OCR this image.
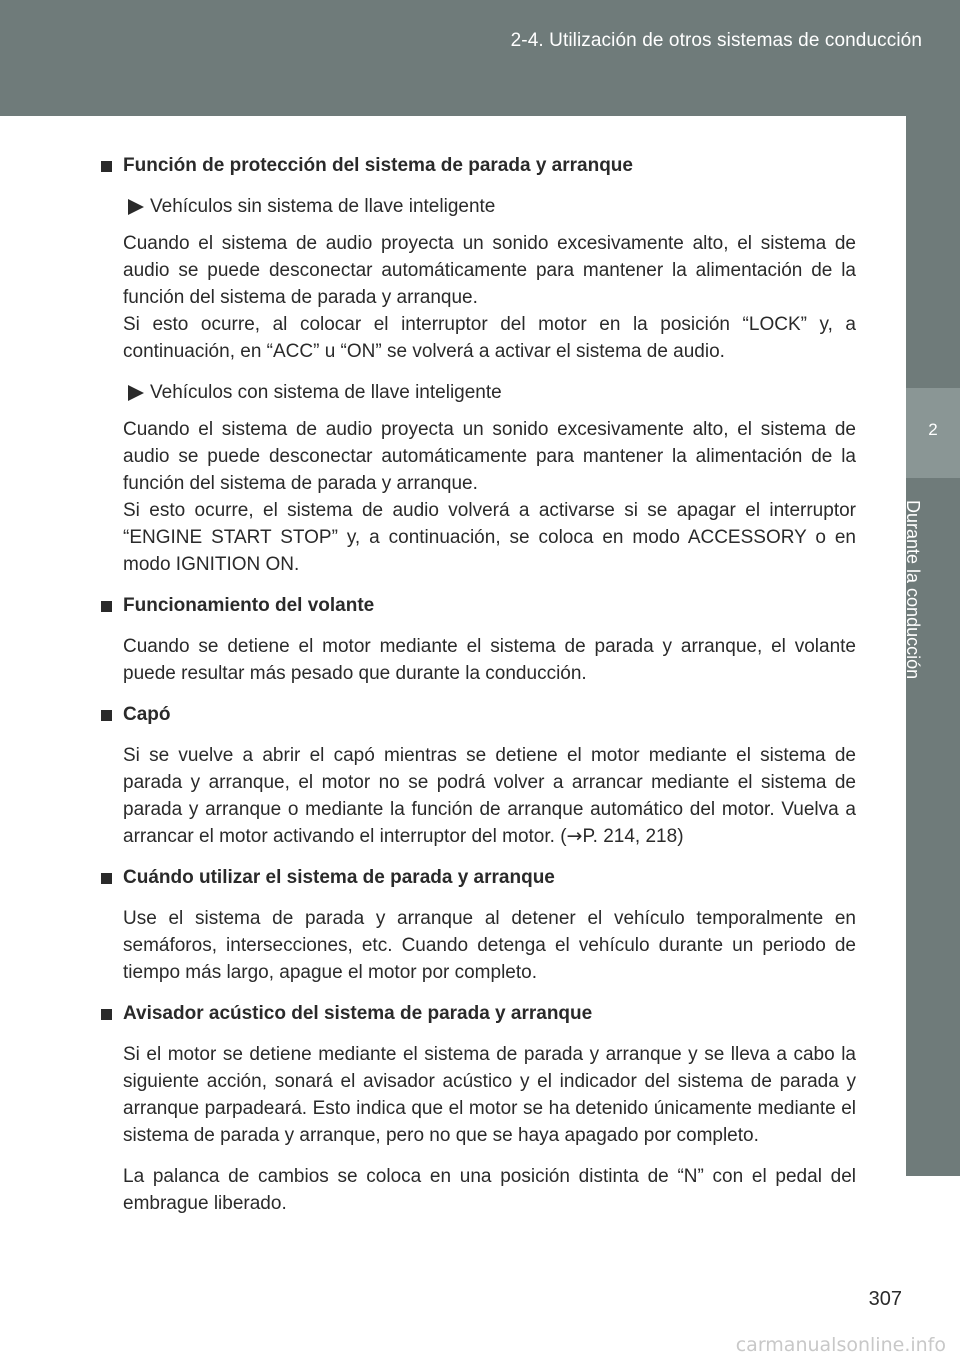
2-4. Utilización de otros sistemas de conducción
2
Durante la conducción
Función de protección del sistema de parada y arranque
Vehículos sin sistema de llave inteligente

Cuando el sistema de audio proyecta un sonido excesivamente alto, el sistema de audio se puede desconectar automáticamente para mantener la alimentación de la función del sistema de parada y arranque.

Si esto ocurre, al colocar el interruptor del motor en la posición “LOCK” y, a continuación, en “ACC” u “ON” se volverá a activar el sistema de audio.

Vehículos con sistema de llave inteligente

Cuando el sistema de audio proyecta un sonido excesivamente alto, el sistema de audio se puede desconectar automáticamente para mantener la alimentación de la función del sistema de parada y arranque.

Si esto ocurre, el sistema de audio volverá a activarse si se apagar el interruptor “ENGINE START STOP” y, a continuación, se coloca en modo ACCESSORY o en modo IGNITION ON.

Funcionamiento del volante

Cuando se detiene el motor mediante el sistema de parada y arranque, el volante puede resultar más pesado que durante la conducción.

Capó

Si se vuelve a abrir el capó mientras se detiene el motor mediante el sistema de parada y arranque, el motor no se podrá volver a arrancar mediante el sistema de parada y arranque o mediante la función de arranque automático del motor. Vuelva a arrancar el motor activando el interruptor del motor. (→P. 214, 218)

Cuándo utilizar el sistema de parada y arranque

Use el sistema de parada y arranque al detener el vehículo temporalmente en semáforos, intersecciones, etc. Cuando detenga el vehículo durante un periodo de tiempo más largo, apague el motor por completo.

Avisador acústico del sistema de parada y arranque

Si el motor se detiene mediante el sistema de parada y arranque y se lleva a cabo la siguiente acción, sonará el avisador acústico y el indicador del sistema de parada y arranque parpadeará. Esto indica que el motor se ha detenido únicamente mediante el sistema de parada y arranque, pero no que se haya apagado por completo.

La palanca de cambios se coloca en una posición distinta de “N” con el pedal del embrague liberado.

307
carmanualsonline.info
